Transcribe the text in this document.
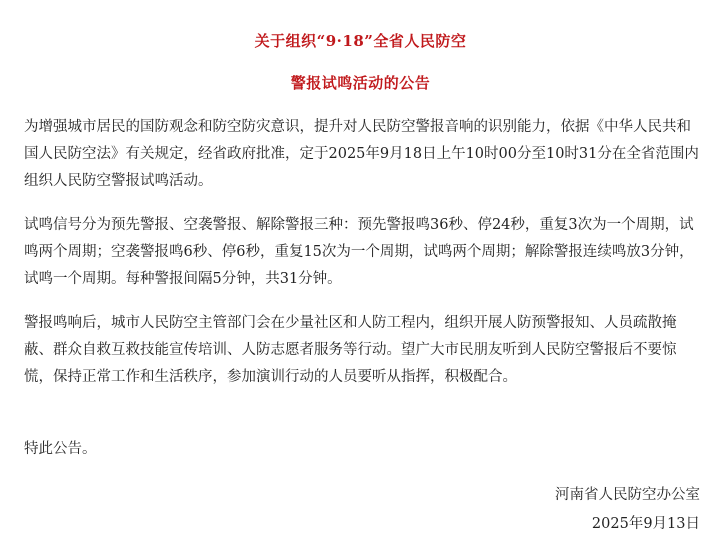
关于组织“9·18”全省人民防空
警报试鸣活动的公告

为增强城市居民的国防观念和防空防灾意识，提升对人民防空警报音响的识别能力，依据《中华人民共和国人民防空法》有关规定，经省政府批准，定于2025年9月18日上午10时00分至10时31分在全省范围内组织人民防空警报试鸣活动。

试鸣信号分为预先警报、空袭警报、解除警报三种：预先警报鸣36秒、停24秒，重复3次为一个周期，试鸣两个周期；空袭警报鸣6秒、停6秒，重复15次为一个周期，试鸣两个周期；解除警报连续鸣放3分钟，试鸣一个周期。每种警报间隔5分钟，共31分钟。

警报鸣响后，城市人民防空主管部门会在少量社区和人防工程内，组织开展人防预警报知、人员疏散掩蔽、群众自救互救技能宣传培训、人防志愿者服务等行动。望广大市民朋友听到人民防空警报后不要惊慌，保持正常工作和生活秩序，参加演训行动的人员要听从指挥，积极配合。

特此公告。

河南省人民防空办公室
2025年9月13日
